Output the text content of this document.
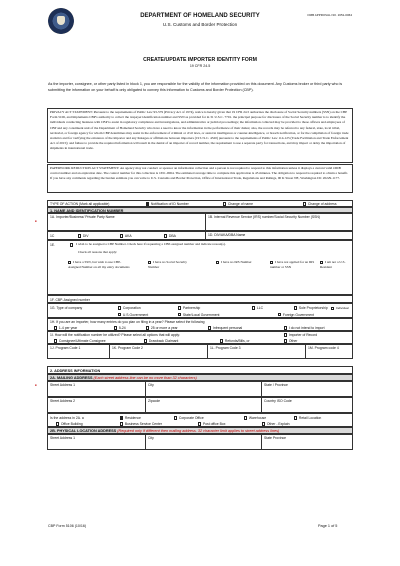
DEPARTMENT OF HOMELAND SECURITY
U.S. Customs and Border Protection
OMB APPROVAL NO. 1651-0064
CREATE/UPDATE IMPORTER IDENTITY FORM
19 CFR 24.5
As the importer, consignee, or other party listed in block 1, you are responsible for the validity of the information provided on this document. Any Customs broker or third party who is submitting the information on your behalf is only obligated to convey this information to Customs and Border Protection (CBP).
PRIVACY ACT STATEMENT: Pursuant to the requirements of Public Law 93-579 (Privacy Act of 1974), notice is hereby given that 19 CFR 24.5 authorizes the disclosure of Social Security numbers (SSN) on the CBP Form 5106, and Implements CBP's authority to collect the taxpayer identification number and SSN as provided for in 31 U.S.C. 7701. the principal purpose for disclosure of the Social Security number is to identify the individuals conducting business with CBP to assist in regulatory compliance and investigations, and administrative or judicial proceedings; the information collected may be provided to those officers and employees of CBP and any constituent unit of the Department of Homeland Security who have a need to know the information in the performance of their duties; also, the records may be referred to any federal, state, local tribal, territorial, or foreign agency for whom CBP determines may assist in the enforcement of criminal or civil laws, or assist in intelligence or counter-intelligence, or breach notification, or for the compilation of foreign trade statistics and for verifying the existence of the importer and any linkages or affiliations between importers (19 U.S.C. 4320) pursuant to the requirements of Public Law 114-125 (Trade Facilitation and Trade Enforcement Act of 2015); and failure to provide the required information will result in the denial of an importer of record number, the requirement to use a separate party for transactions, and may impact or delay the importation of shipments in international trade.
PAPERWORK REDUCTION ACT STATEMENT: An agency may not conduct or sponsor an information collection and a person is not required to respond to this information unless it displays a current valid OMB control number and an expiration date. The control number for this collection is 1651-0064. The estimated average time to complete this application is 45 minutes. The obligation to respond is required to obtain a benefit. If you have any comments regarding the burden estimate you can write to U.S. Customs and Border Protection, Office of International Trade, Regulations and Rulings, 90 K Street NE, Washington DC 20229-1177.
TYPE OF ACTION (Mark all applicable)	Notification of ID Number	Change of name	Change of address
1. NAME AND IDENTIFICATION NUMBER
1A. Importer/Business/ Private Party Name	1B. Internal Revenue Service (IRS) number/Social Security Number (SSN)
■
1C	DIV	AKA	DBA	1D. DIV/AKA/DBA Name
1E.	I wish to be assigned a CBP Number. Check here if requesting a CBP-assigned number and indicate reason(s).
Check all reasons that apply:
I have a SSN, but wish to use CBP-Assigned Number on all my entry documents
I have no Social Security Number
I have no IRS Number	I have not applied for an IRS number or SSN
I am not a U.S. Resident
1F. CBP-Assigned number
1G. Type of company	Corporation	Partnership	LLC	Sole Proprietorship	Individual
U.S.Government	State/Local Government	Foreign Government
1H. If you are an importer, how many entries do you plan on filing in a year? Please select the following
1-4 per year	5-24	25 or more a year	Infrequent personal	I do not intend to import
1I. How will the notification number be utilized? Please select all options that will apply:	Importer of Record
Consignee/Ultimate Consignee	Drawback Claimant	Refunds/Bills, or	Other
1J. Program Code 1	1K. Program Code 2	1L. Program Code 3	1M. Program code 4
2. ADDRESS INFORMATION
2A. MAILING ADDRESS (Each street address line can be no more than 32 characters)
Street Address 1	City	State / Province
■
Street Address 2	Zipcode	Country ISO Code
Is the address in 2A. a	Residence	Corporate Office	Warehouse	Retail Location
Office Building	Business Service Center	Post office Box	Other - Explain
2B. PHYSICAL LOCATION ADDRESS (Required only if different then mailing address. 32 character limit applies to street address lines)
Street Address 1	City	State Province
CBP Form 5106 (10/16)	Page 1 of 5
